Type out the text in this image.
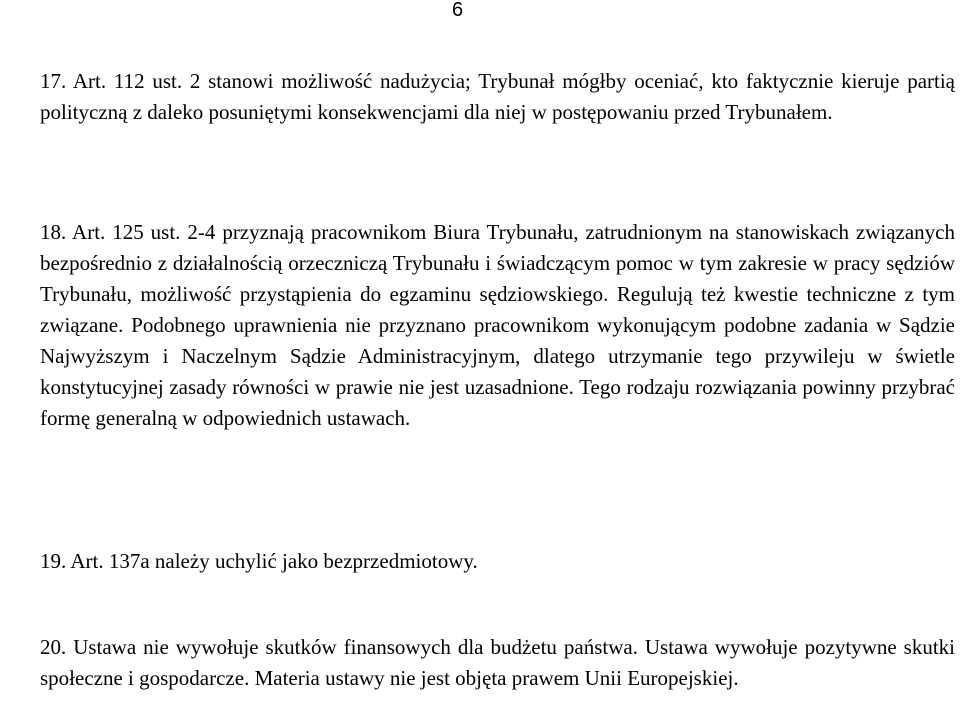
6

17. Art. 112 ust. 2 stanowi możliwość nadużycia; Trybunał mógłby oceniać, kto faktycznie kieruje partią polityczną z daleko posuniętymi konsekwencjami dla niej w postępowaniu przed Trybunałem.

18. Art. 125 ust. 2-4 przyznają pracownikom Biura Trybunału, zatrudnionym na stanowiskach związanych bezpośrednio z działalnością orzeczniczą Trybunału i świadczącym pomoc w tym zakresie w pracy sędziów Trybunału, możliwość przystąpienia do egzaminu sędziowskiego. Regulują też kwestie techniczne z tym związane. Podobnego uprawnienia nie przyznano pracownikom wykonującym podobne zadania w Sądzie Najwyższym i Naczelnym Sądzie Administracyjnym, dlatego utrzymanie tego przywileju w świetle konstytucyjnej zasady równości w prawie nie jest uzasadnione. Tego rodzaju rozwiązania powinny przybrać formę generalną w odpowiednich ustawach.

19. Art. 137a należy uchylić jako bezprzedmiotowy.

20. Ustawa nie wywołuje skutków finansowych dla budżetu państwa. Ustawa wywołuje pozytywne skutki społeczne i gospodarcze. Materia ustawy nie jest objęta prawem Unii Europejskiej.
